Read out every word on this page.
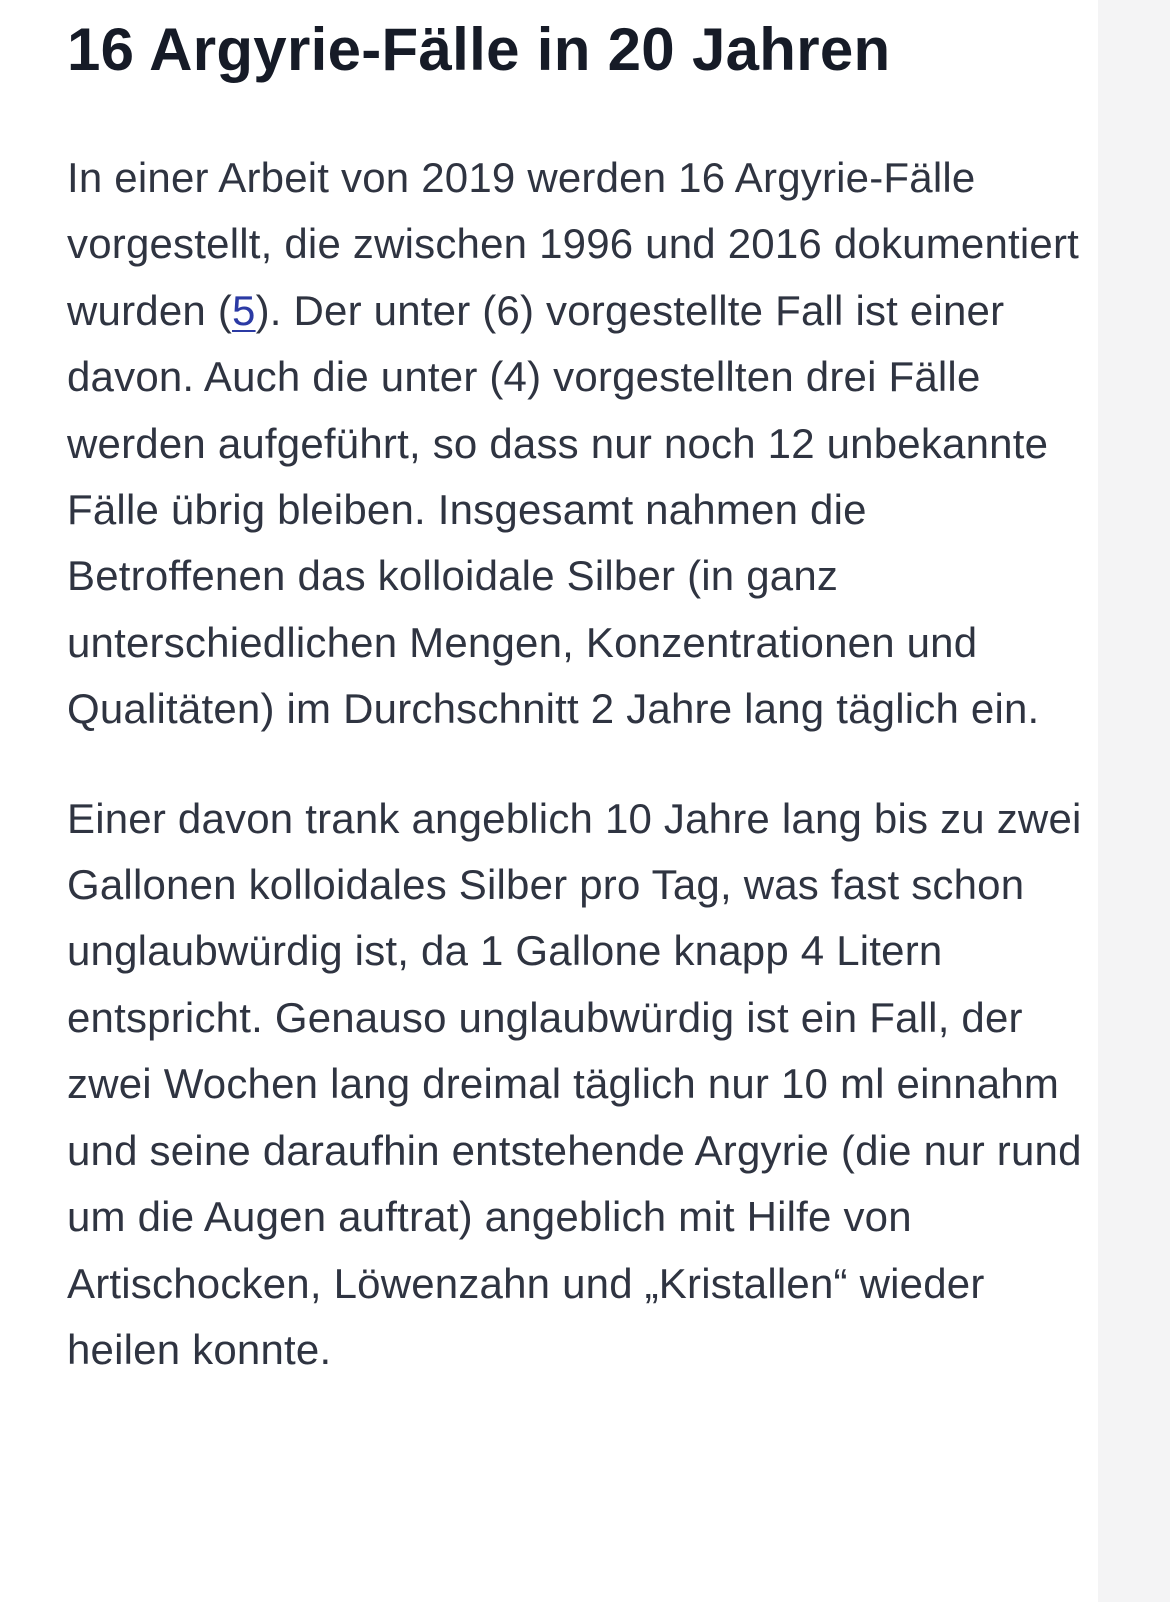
16 Argyrie-Fälle in 20 Jahren

In einer Arbeit von 2019 werden 16 Argyrie-Fälle vorgestellt, die zwischen 1996 und 2016 dokumentiert wurden (5). Der unter (6) vorgestellte Fall ist einer davon. Auch die unter (4) vorgestellten drei Fälle werden aufgeführt, so dass nur noch 12 unbekannte Fälle übrig bleiben. Insgesamt nahmen die Betroffenen das kolloidale Silber (in ganz unterschiedlichen Mengen, Konzentrationen und Qualitäten) im Durchschnitt 2 Jahre lang täglich ein.

Einer davon trank angeblich 10 Jahre lang bis zu zwei Gallonen kolloidales Silber pro Tag, was fast schon unglaubwürdig ist, da 1 Gallone knapp 4 Litern entspricht. Genauso unglaubwürdig ist ein Fall, der zwei Wochen lang dreimal täglich nur 10 ml einnahm und seine daraufhin entstehende Argyrie (die nur rund um die Augen auftrat) angeblich mit Hilfe von Artischocken, Löwenzahn und „Kristallen“ wieder heilen konnte.
